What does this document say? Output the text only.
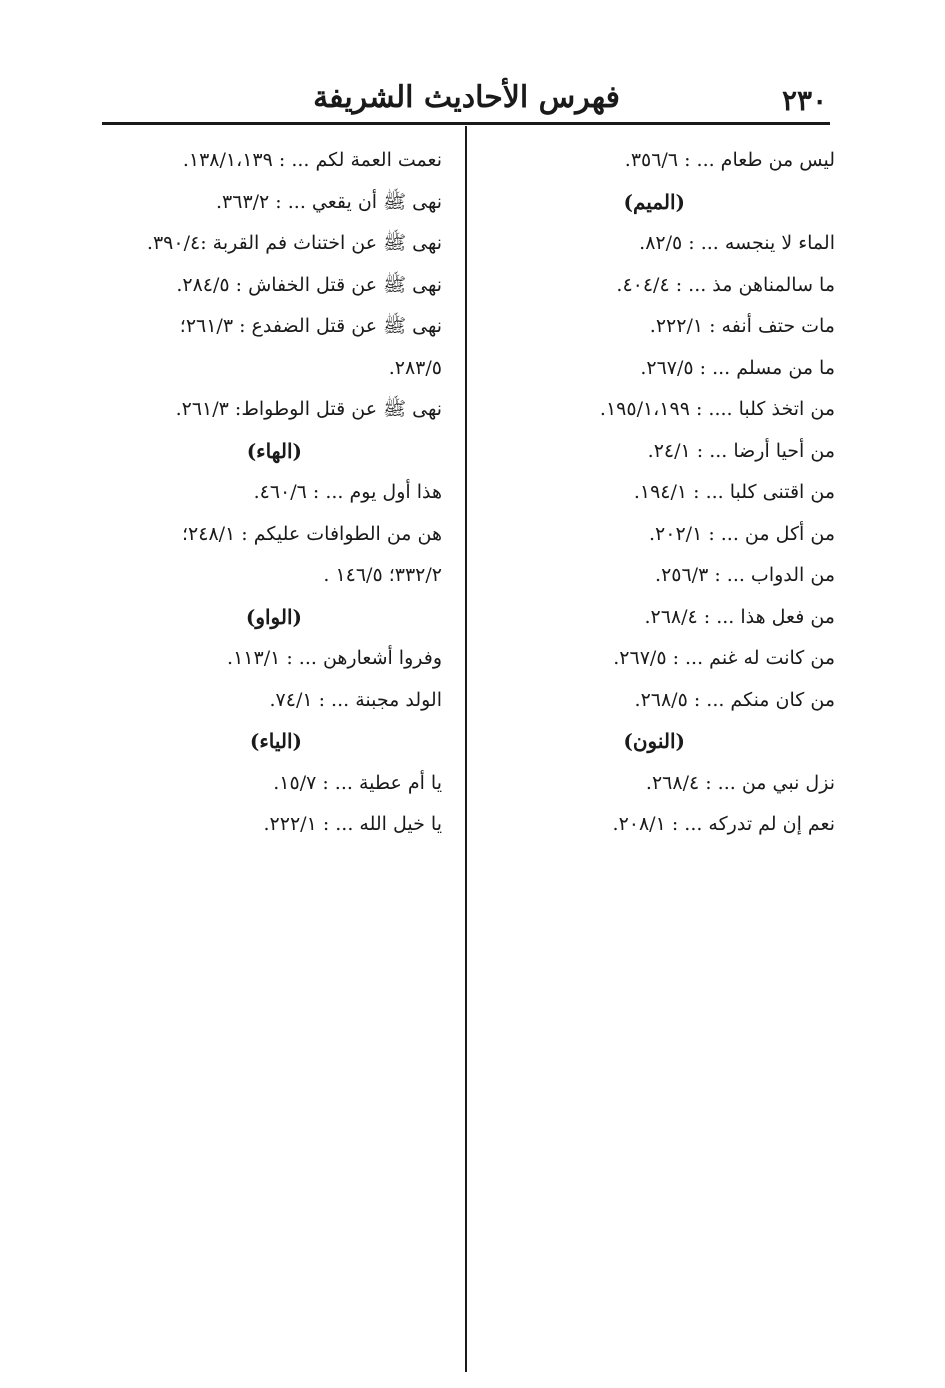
٢٣٠
فهرس الأحاديث الشريفة
ليس من طعام ... : ٣٥٦/٦.
(الميم)
الماء لا ينجسه ... : ٨٢/٥.
ما سالمناهن مذ ... : ٤٠٤/٤.
مات حتف أنفه : ٢٢٢/١.
ما من مسلم ... : ٢٦٧/٥.
من اتخذ كلبا .... : ١٩٥/١،١٩٩.
من أحيا أرضا ... : ٢٤/١.
من اقتنى كلبا ... : ١٩٤/١.
من أكل من ... : ٢٠٢/١.
من الدواب ... : ٢٥٦/٣.
من فعل هذا ... : ٢٦٨/٤.
من كانت له غنم ... : ٢٦٧/٥.
من كان منكم ... : ٢٦٨/٥.
(النون)
نزل نبي من ... : ٢٦٨/٤.
نعم إن لم تدركه ... : ٢٠٨/١.
نعمت العمة لكم ... : ١٣٨/١،١٣٩.
نهى ﷺ أن يقعي ... : ٣٦٣/٢.
نهى ﷺ عن اختناث فم القربة :٣٩٠/٤.
نهى ﷺ عن قتل الخفاش : ٢٨٤/٥.
نهى ﷺ عن قتل الضفدع : ٢٦١/٣؛
٢٨٣/٥.
نهى ﷺ عن قتل الوطواط: ٢٦١/٣.
(الهاء)
هذا أول يوم ... : ٤٦٠/٦.
هن من الطوافات عليكم : ٢٤٨/١؛
٣٣٢/٢؛ ١٤٦/٥ .
(الواو)
وفروا أشعارهن ... : ١١٣/١.
الولد مجبنة ... : ٧٤/١.
(الياء)
يا أم عطية ... : ١٥/٧.
يا خيل الله ... : ٢٢٢/١.
